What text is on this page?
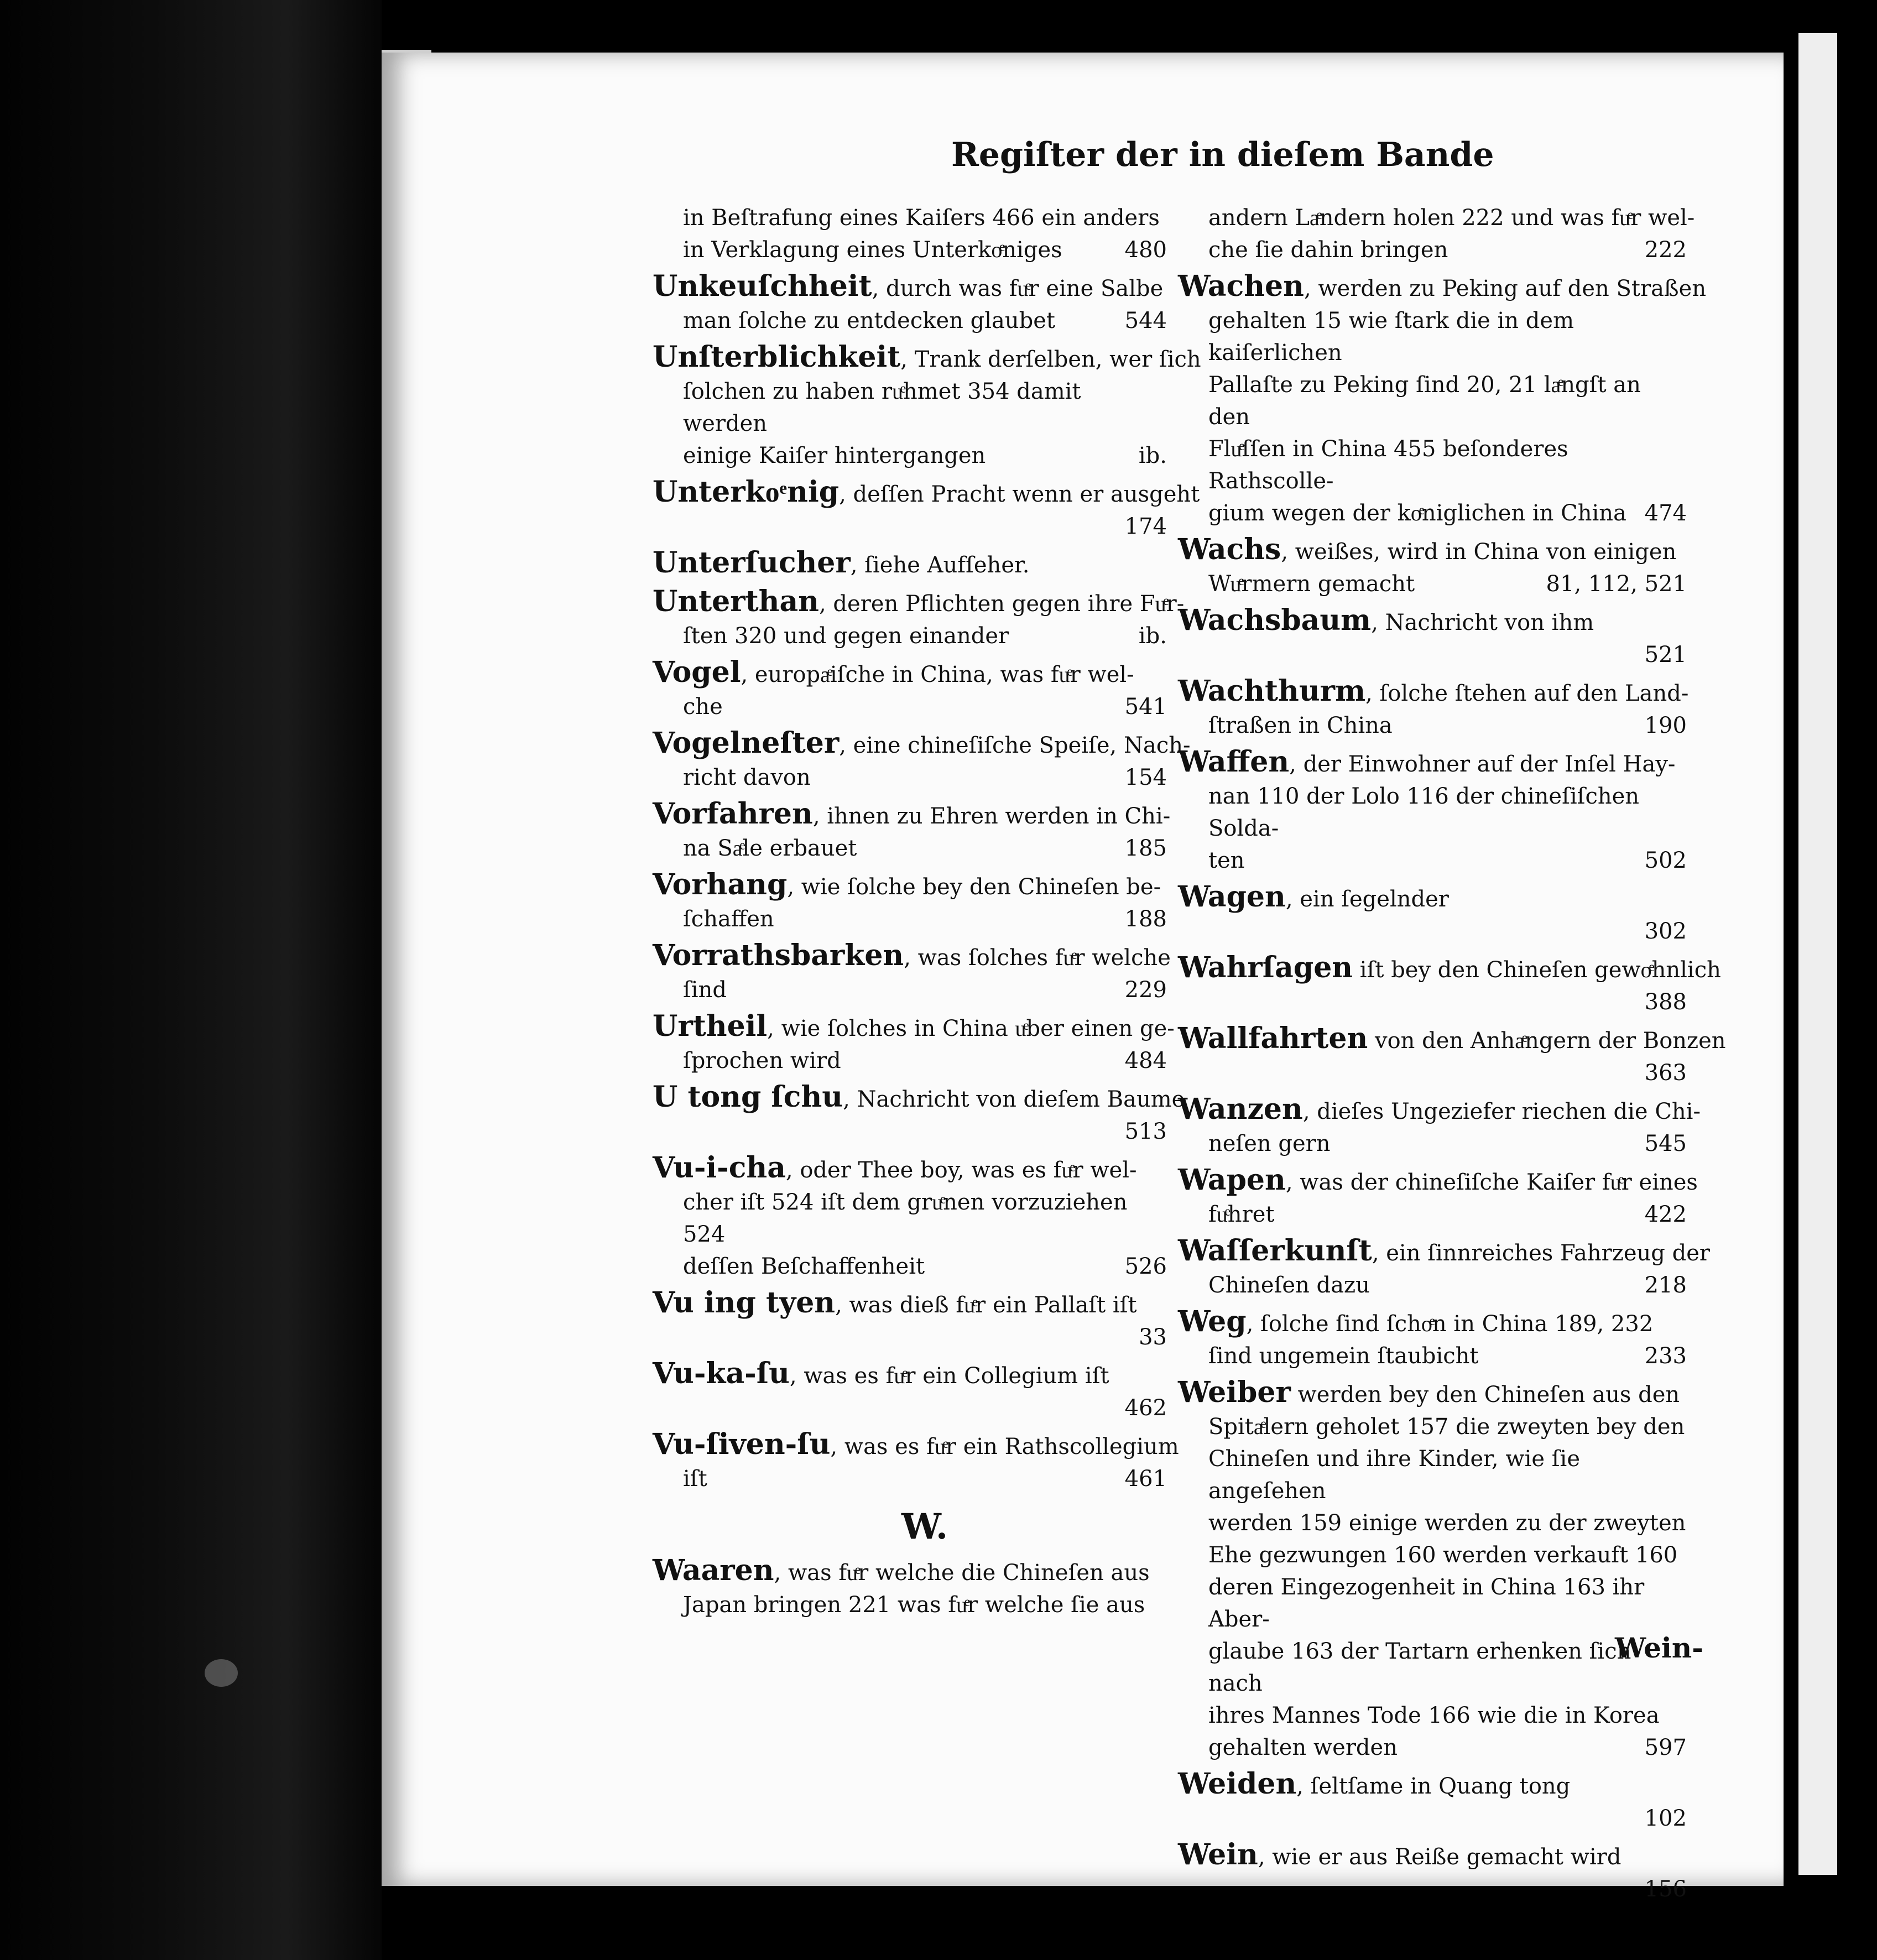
Regiſter der in dieſem Bande
in Beſtrafung eines Kaiſers 466 ein anders
in Verklagung eines Unterkoͤniges	480
Unkeuſchheit, durch was fuͤr eine Salbe
man ſolche zu entdecken glaubet	544
Unſterblichkeit, Trank derſelben, wer ſich
ſolchen zu haben ruͤhmet 354 damit werden
einige Kaiſer hintergangen	ib.
Unterkoͤnig, deſſen Pracht wenn er ausgeht
174
Unterſucher, ſiehe Aufſeher.
Unterthan, deren Pflichten gegen ihre Fuͤr-
ſten 320 und gegen einander	ib.
Vogel, europaͤiſche in China, was fuͤr wel-
che	541
Vogelneſter, eine chineſiſche Speiſe, Nach-
richt davon	154
Vorfahren, ihnen zu Ehren werden in Chi-
na Saͤle erbauet	185
Vorhang, wie ſolche bey den Chineſen be-
ſchaffen	188
Vorrathsbarken, was ſolches fuͤr welche
ſind	229
Urtheil, wie ſolches in China uͤber einen ge-
ſprochen wird	484
U tong ſchu, Nachricht von dieſem Baume
513
Vu-i-cha, oder Thee boy, was es fuͤr wel-
cher iſt 524 iſt dem gruͤnen vorzuziehen 524
deſſen Beſchaffenheit	526
Vu ing tyen, was dieß fuͤr ein Pallaſt iſt
33
Vu-ka-ſu, was es fuͤr ein Collegium iſt
462
Vu-ſiven-ſu, was es fuͤr ein Rathscollegium
iſt	461
W.
Waaren, was fuͤr welche die Chineſen aus
Japan bringen 221 was fuͤr welche ſie aus
andern Laͤndern holen 222 und was fuͤr wel-
che ſie dahin bringen	222
Wachen, werden zu Peking auf den Straßen
gehalten 15 wie ſtark die in dem kaiſerlichen
Pallaſte zu Peking ſind 20, 21 laͤngſt an den
Fluͤſſen in China 455 beſonderes Rathscolle-
gium wegen der koͤniglichen in China 474
Wachs, weißes, wird in China von einigen
Wuͤrmern gemacht	81, 112, 521
Wachsbaum, Nachricht von ihm
521
Wachthurm, ſolche ſtehen auf den Land-
ſtraßen in China	190
Waffen, der Einwohner auf der Inſel Hay-
nan 110 der Lolo 116 der chineſiſchen Solda-
ten	502
Wagen, ein ſegelnder
302
Wahrſagen iſt bey den Chineſen gewoͤhnlich
388
Wallfahrten von den Anhaͤngern der Bonzen
363
Wanzen, dieſes Ungeziefer riechen die Chi-
neſen gern	545
Wapen, was der chineſiſche Kaiſer fuͤr eines
fuͤhret	422
Waſſerkunſt, ein ſinnreiches Fahrzeug der
Chineſen dazu	218
Weg, ſolche ſind ſchoͤn in China 189, 232
ſind ungemein ſtaubicht	233
Weiber werden bey den Chineſen aus den
Spitaͤlern geholet 157 die zweyten bey den
Chineſen und ihre Kinder, wie ſie angeſehen
werden 159 einige werden zu der zweyten
Ehe gezwungen 160 werden verkauft 160
deren Eingezogenheit in China 163 ihr Aber-
glaube 163 der Tartarn erhenken ſich nach
ihres Mannes Tode 166 wie die in Korea
gehalten werden	597
Weiden, ſeltſame in Quang tong
102
Wein, wie er aus Reiße gemacht wird
156
Wein-
